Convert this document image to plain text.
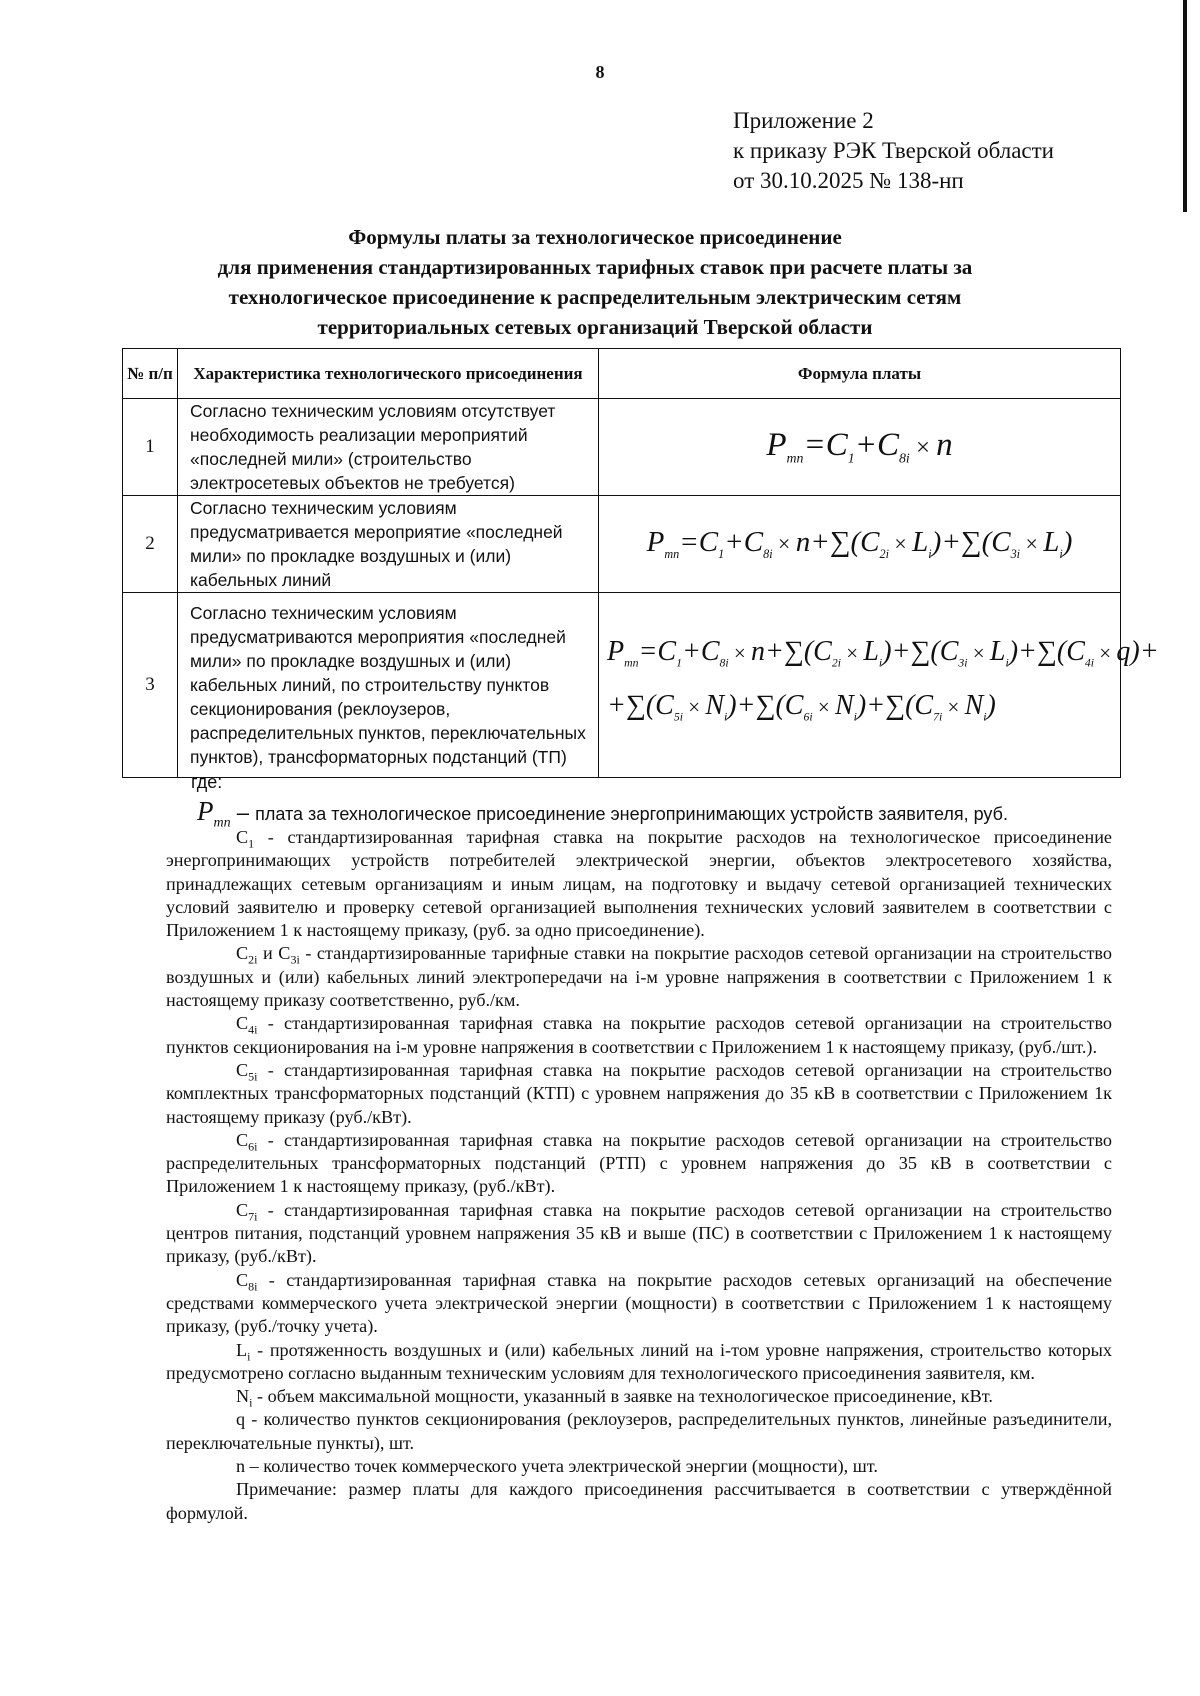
8
Приложение 2
к приказу РЭК Тверской области
от 30.10.2025 № 138-нп
Формулы платы за технологическое присоединение
для применения стандартизированных тарифных ставок при расчете платы за
технологическое присоединение к распределительным электрическим сетям
территориальных сетевых организаций Тверской области
№ п/п	Характеристика технологического присоединения	Формула платы
1	Согласно техническим условиям отсутствует необходимость реализации мероприятий «последней мили» (строительство электросетевых объектов не требуется)	$P_{тп}=С_1+С_{8i} \times n$
2	Согласно техническим условиям предусматривается мероприятие «последней мили» по прокладке воздушных и (или) кабельных линий	$P_{тп}=С_1+С_{8i} \times n+\sum(С_{2i} \times L_i)+\sum(С_{3i} \times L_i)$
3	Согласно техническим условиям предусматриваются мероприятия «последней мили» по прокладке воздушных и (или) кабельных линий, по строительству пунктов секционирования (реклоузеров, распределительных пунктов, переключательных пунктов), трансформаторных подстанций (ТП)	$P_{тп}=С_1+С_{8i} \times n+\sum(С_{2i} \times L_i)+\sum(С_{3i} \times L_i)+\sum(С_{4i} \times q)+$
$+\sum(С_{5i} \times N_i)+\sum(С_{6i} \times N_i)+\sum(С_{7i} \times N_i)$
где:
$P_{mn}$ – плата за технологическое присоединение энергопринимающих устройств заявителя, руб.

$C_1$ - стандартизированная тарифная ставка на покрытие расходов на технологическое присоединение энергопринимающих устройств потребителей электрической энергии, объектов электросетевого хозяйства, принадлежащих сетевым организациям и иным лицам, на подготовку и выдачу сетевой организацией технических условий заявителю и проверку сетевой организацией выполнения технических условий заявителем в соответствии с Приложением 1 к настоящему приказу, (руб. за одно присоединение).

$C_{2i}$ и $C_{3i}$ - стандартизированные тарифные ставки на покрытие расходов сетевой организации на строительство воздушных и (или) кабельных линий электропередачи на i-м уровне напряжения в соответствии с Приложением 1 к настоящему приказу соответственно, руб./км.

$C_{4i}$ - стандартизированная тарифная ставка на покрытие расходов сетевой организации на строительство пунктов секционирования на i-м уровне напряжения в соответствии с Приложением 1 к настоящему приказу, (руб./шт.).

$C_{5i}$ - стандартизированная тарифная ставка на покрытие расходов сетевой организации на строительство комплектных трансформаторных подстанций (КТП) с уровнем напряжения до 35 кВ в соответствии с Приложением 1к настоящему приказу (руб./кВт).

$C_{6i}$ - стандартизированная тарифная ставка на покрытие расходов сетевой организации на строительство распределительных трансформаторных подстанций (РТП) с уровнем напряжения до 35 кВ в соответствии с Приложением 1 к настоящему приказу, (руб./кВт).

$C_{7i}$ - стандартизированная тарифная ставка на покрытие расходов сетевой организации на строительство центров питания, подстанций уровнем напряжения 35 кВ и выше (ПС) в соответствии с Приложением 1 к настоящему приказу, (руб./кВт).

$C_{8i}$ - стандартизированная тарифная ставка на покрытие расходов сетевых организаций на обеспечение средствами коммерческого учета электрической энергии (мощности) в соответствии с Приложением 1 к настоящему приказу, (руб./точку учета).

$L_i$ - протяженность воздушных и (или) кабельных линий на i-том уровне напряжения, строительство которых предусмотрено согласно выданным техническим условиям для технологического присоединения заявителя, км.

$N_i$ - объем максимальной мощности, указанный в заявке на технологическое присоединение, кВт.

q - количество пунктов секционирования (реклоузеров, распределительных пунктов, линейные разъединители, переключательные пункты), шт.

n – количество точек коммерческого учета электрической энергии (мощности), шт.

Примечание: размер платы для каждого присоединения рассчитывается в соответствии с утверждённой формулой.
